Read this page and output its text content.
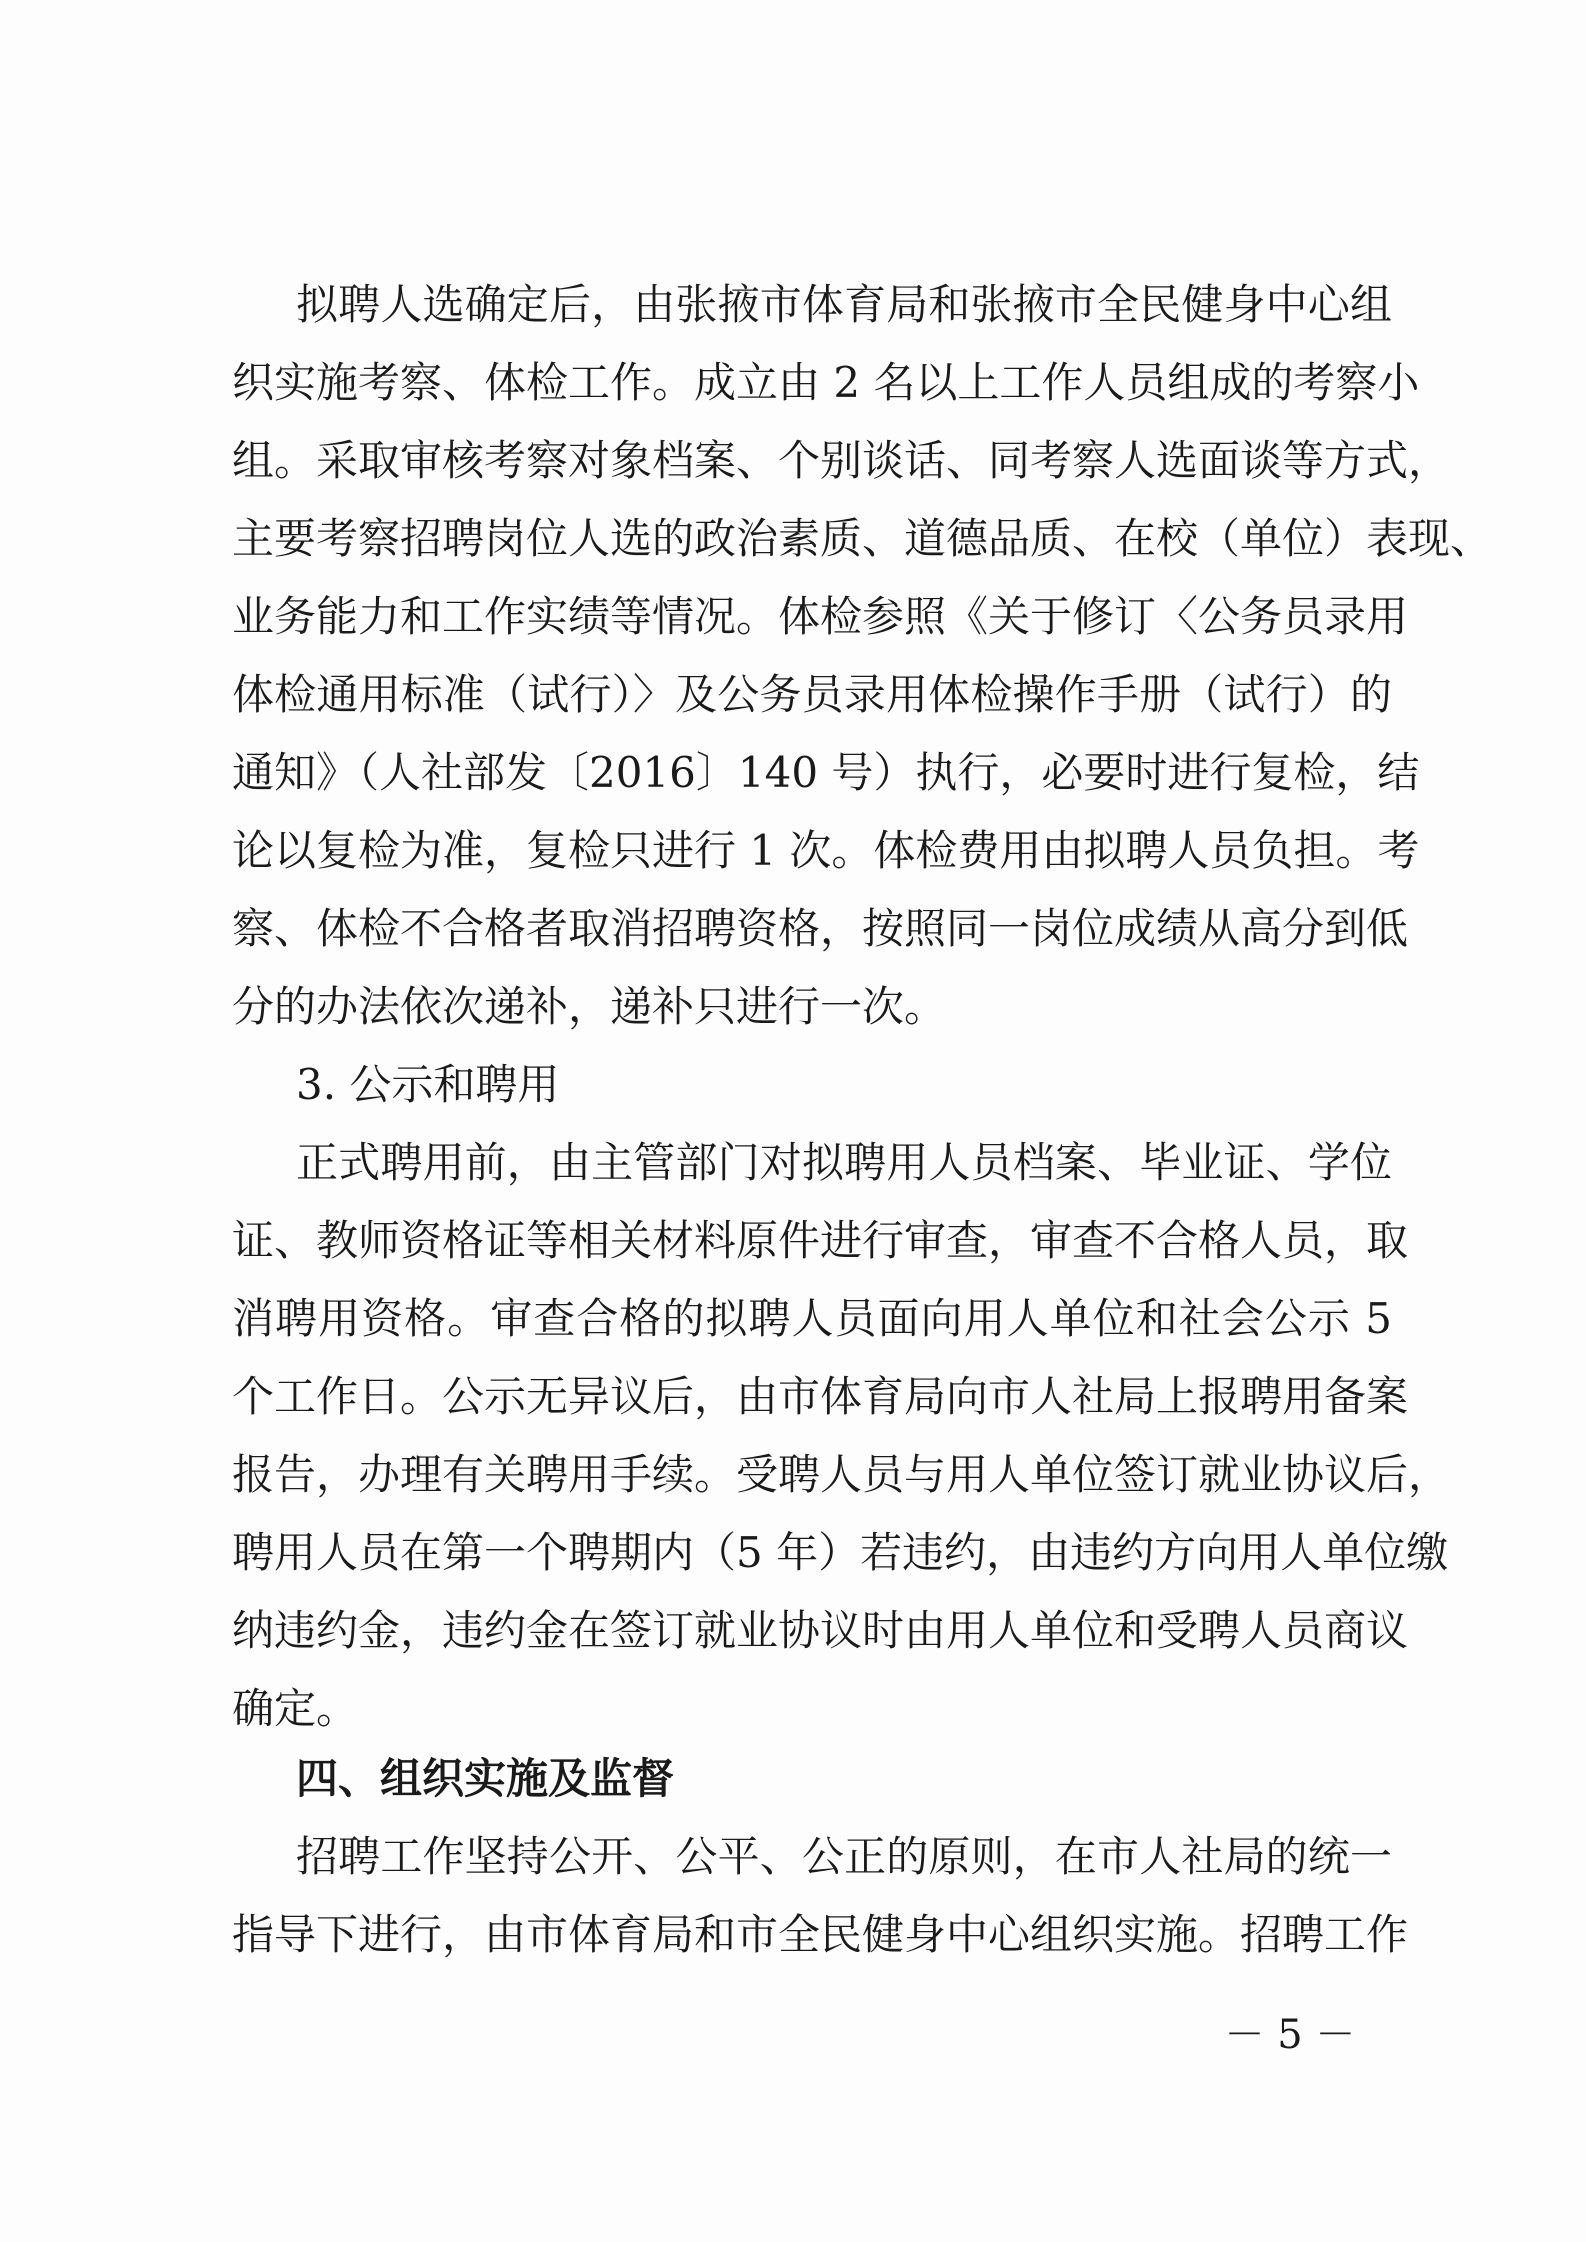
拟聘人选确定后，由张掖市体育局和张掖市全民健身中心组
织实施考察、体检工作。成立由 2 名以上工作人员组成的考察小
组。采取审核考察对象档案、个别谈话、同考察人选面谈等方式，
主要考察招聘岗位人选的政治素质、道德品质、在校（单位）表现、
业务能力和工作实绩等情况。体检参照《关于修订〈公务员录用
体检通用标准（试行）〉及公务员录用体检操作手册（试行）的
通知》（人社部发〔2016〕140 号）执行，必要时进行复检，结
论以复检为准，复检只进行 1 次。体检费用由拟聘人员负担。考
察、体检不合格者取消招聘资格，按照同一岗位成绩从高分到低
分的办法依次递补，递补只进行一次。
3. 公示和聘用
正式聘用前，由主管部门对拟聘用人员档案、毕业证、学位
证、教师资格证等相关材料原件进行审查，审查不合格人员，取
消聘用资格。审查合格的拟聘人员面向用人单位和社会公示 5
个工作日。公示无异议后，由市体育局向市人社局上报聘用备案
报告，办理有关聘用手续。受聘人员与用人单位签订就业协议后，
聘用人员在第一个聘期内（5 年）若违约，由违约方向用人单位缴
纳违约金，违约金在签订就业协议时由用人单位和受聘人员商议
确定。
四、组织实施及监督
招聘工作坚持公开、公平、公正的原则，在市人社局的统一
指导下进行，由市体育局和市全民健身中心组织实施。招聘工作
－ 5 －
